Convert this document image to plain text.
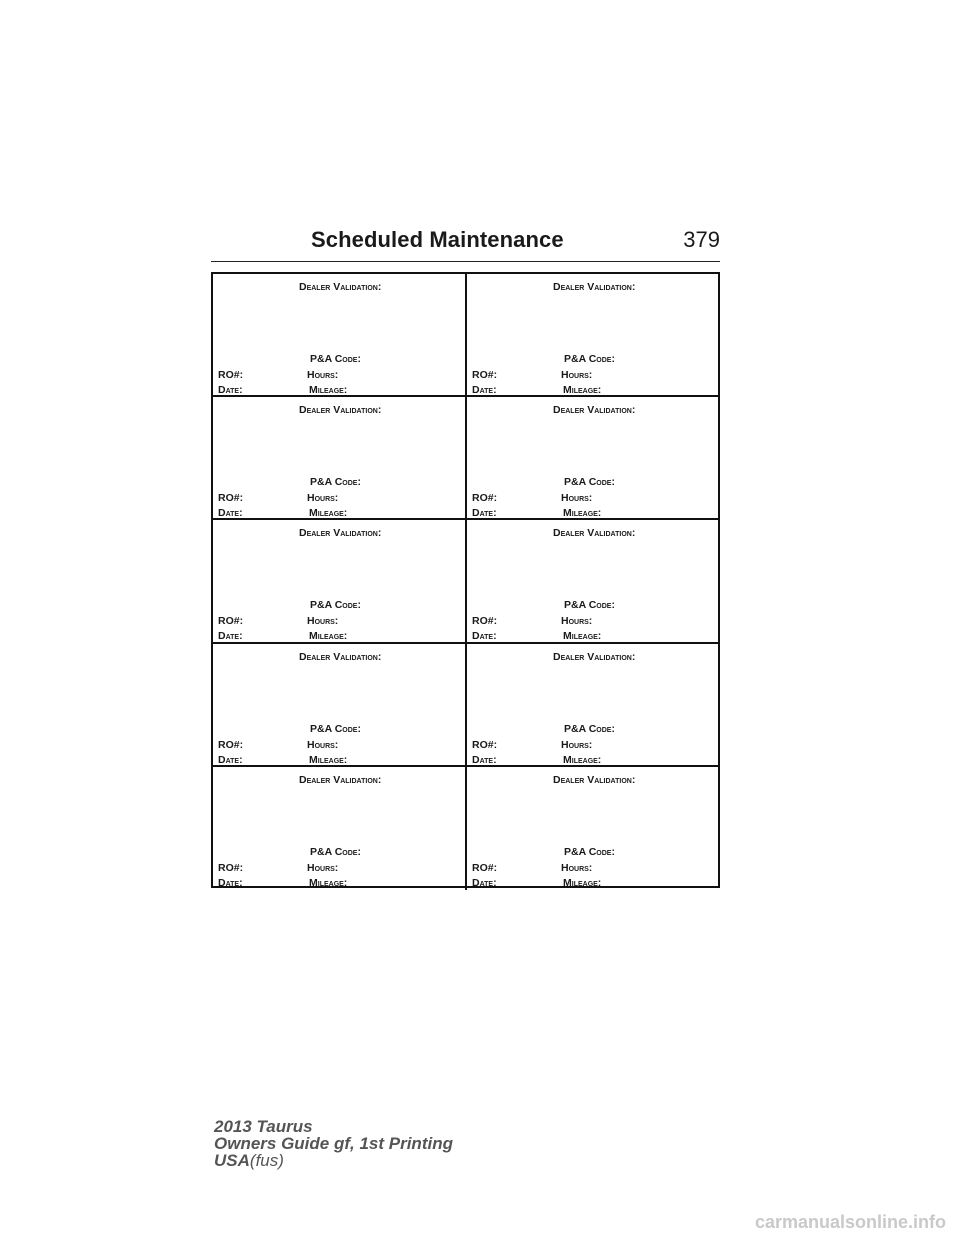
Scheduled Maintenance	379
Dealer Validation:
P&A Code:
RO#:	Hours:
Date:	Mileage:
Dealer Validation:
P&A Code:
RO#:	Hours:
Date:	Mileage:
Dealer Validation:
P&A Code:
RO#:	Hours:
Date:	Mileage:
Dealer Validation:
P&A Code:
RO#:	Hours:
Date:	Mileage:
Dealer Validation:
P&A Code:
RO#:	Hours:
Date:	Mileage:
Dealer Validation:
P&A Code:
RO#:	Hours:
Date:	Mileage:
Dealer Validation:
P&A Code:
RO#:	Hours:
Date:	Mileage:
Dealer Validation:
P&A Code:
RO#:	Hours:
Date:	Mileage:
Dealer Validation:
P&A Code:
RO#:	Hours:
Date:	Mileage:
Dealer Validation:
P&A Code:
RO#:	Hours:
Date:	Mileage:
2013 Taurus
Owners Guide gf, 1st Printing
USA(fus)
carmanualsonline.info
